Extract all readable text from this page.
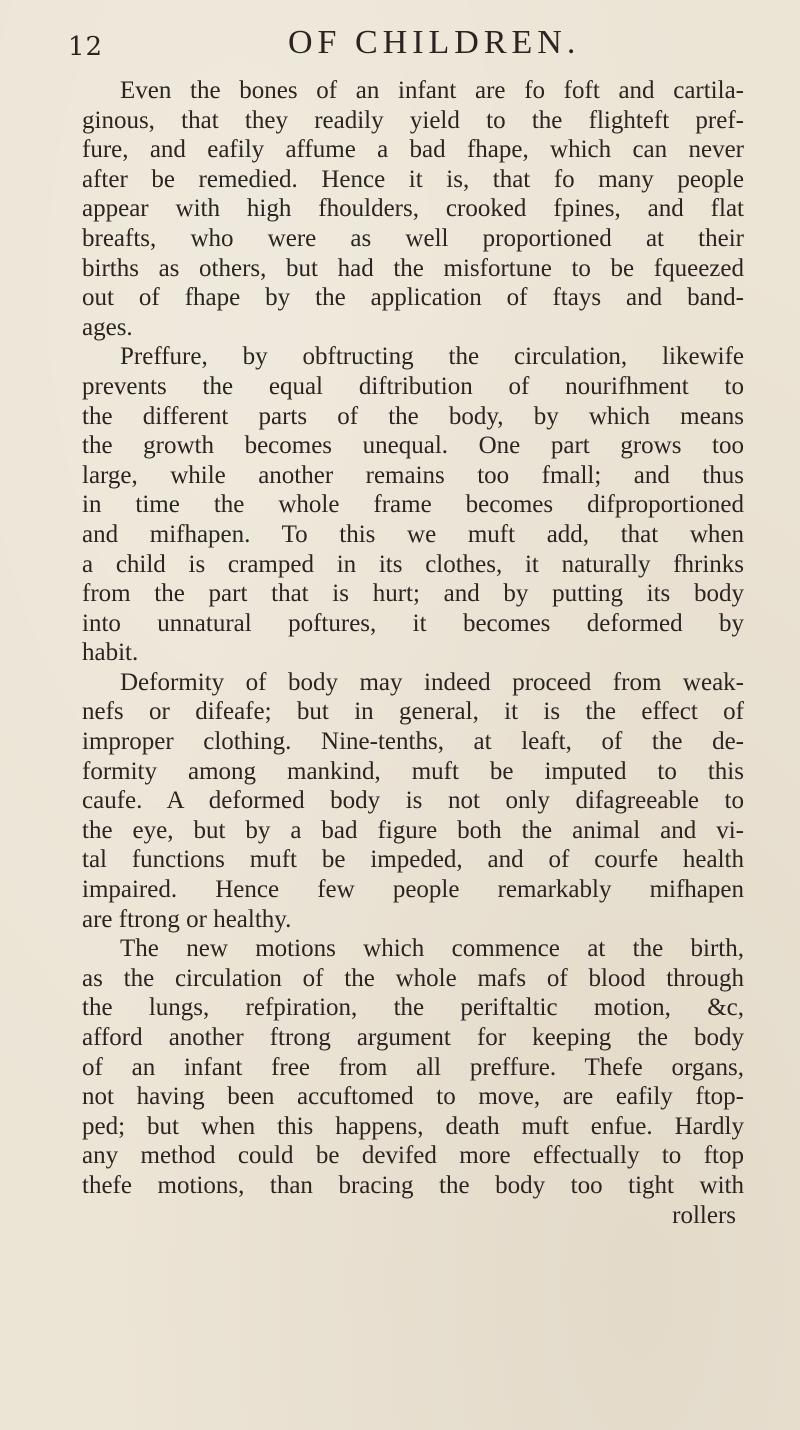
12	OF CHILDREN.
Even the bones of an infant are fo foft and cartila-
ginous, that they readily yield to the flighteft pref-
fure, and eafily affume a bad fhape, which can never
after be remedied. Hence it is, that fo many people
appear with high fhoulders, crooked fpines, and flat
breafts, who were as well proportioned at their
births as others, but had the misfortune to be fqueezed
out of fhape by the application of ftays and band-
ages.
Preffure, by obftructing the circulation, likewife
prevents the equal diftribution of nourifhment to
the different parts of the body, by which means
the growth becomes unequal. One part grows too
large, while another remains too fmall; and thus
in time the whole frame becomes difproportioned
and mifhapen. To this we muft add, that when
a child is cramped in its clothes, it naturally fhrinks
from the part that is hurt; and by putting its body
into unnatural poftures, it becomes deformed by
habit.
Deformity of body may indeed proceed from weak-
nefs or difeafe; but in general, it is the effect of
improper clothing. Nine-tenths, at leaft, of the de-
formity among mankind, muft be imputed to this
caufe. A deformed body is not only difagreeable to
the eye, but by a bad figure both the animal and vi-
tal functions muft be impeded, and of courfe health
impaired. Hence few people remarkably mifhapen
are ftrong or healthy.
The new motions which commence at the birth,
as the circulation of the whole mafs of blood through
the lungs, refpiration, the periftaltic motion, &c,
afford another ftrong argument for keeping the body
of an infant free from all preffure. Thefe organs,
not having been accuftomed to move, are eafily ftop-
ped; but when this happens, death muft enfue. Hardly
any method could be devifed more effectually to ftop
thefe motions, than bracing the body too tight with
rollers
